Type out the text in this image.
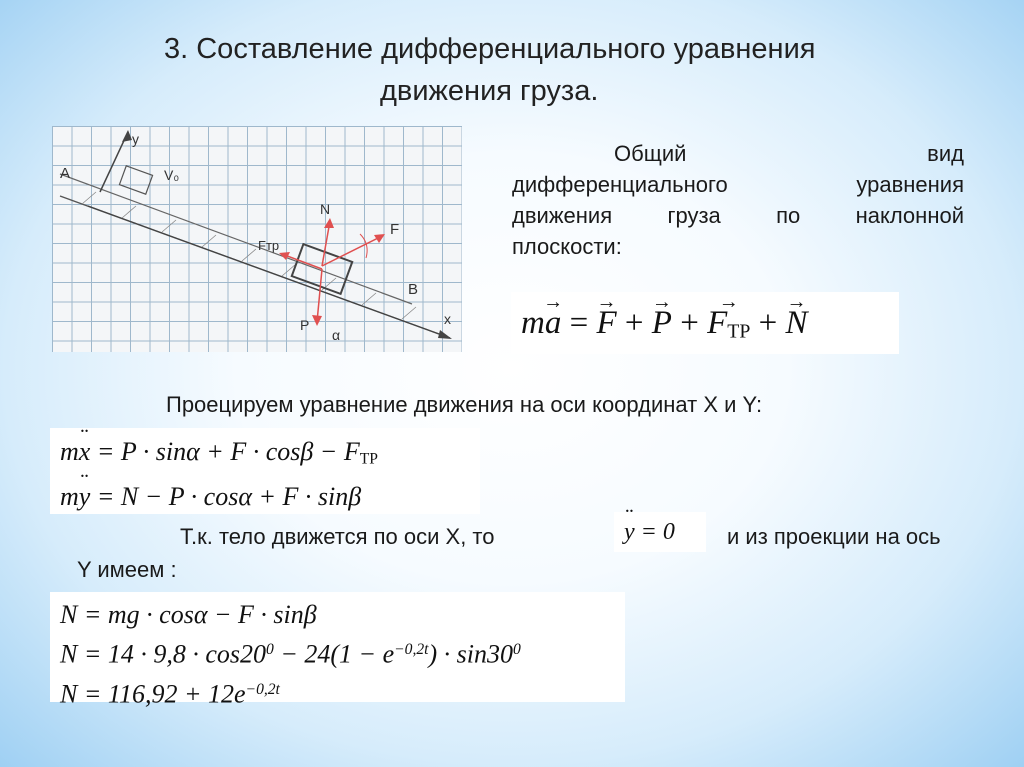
3. Составление дифференциального уравнения
движения груза.
A
B
y
x
V₀
N
F
Fтр
P
α
Общий	вид
дифференциального	уравнения
движения груза по наклонной
плоскости:
m→ a = → F + → P + → $F_{ТР}$ + → N
Проецируем уравнение движения на оси координат X и Y:
m¨ $x = P \cdot \sin\alpha + F \cdot \cos\beta - F_{ТР}$
m¨ y = N − P · cosα + F · sinβ
Т.к. тело движется по оси X, то	¨ y = 0	и из проекции на ось
Y имеем :
N = mg · cosα − F · sinβ
$N = 14 \cdot 9,8 \cdot \cos 20^0 - 24(1 - e^{-0,2t}) \cdot \sin 30^0$
$N = 116,92 + 12e^{-0,2t}$
